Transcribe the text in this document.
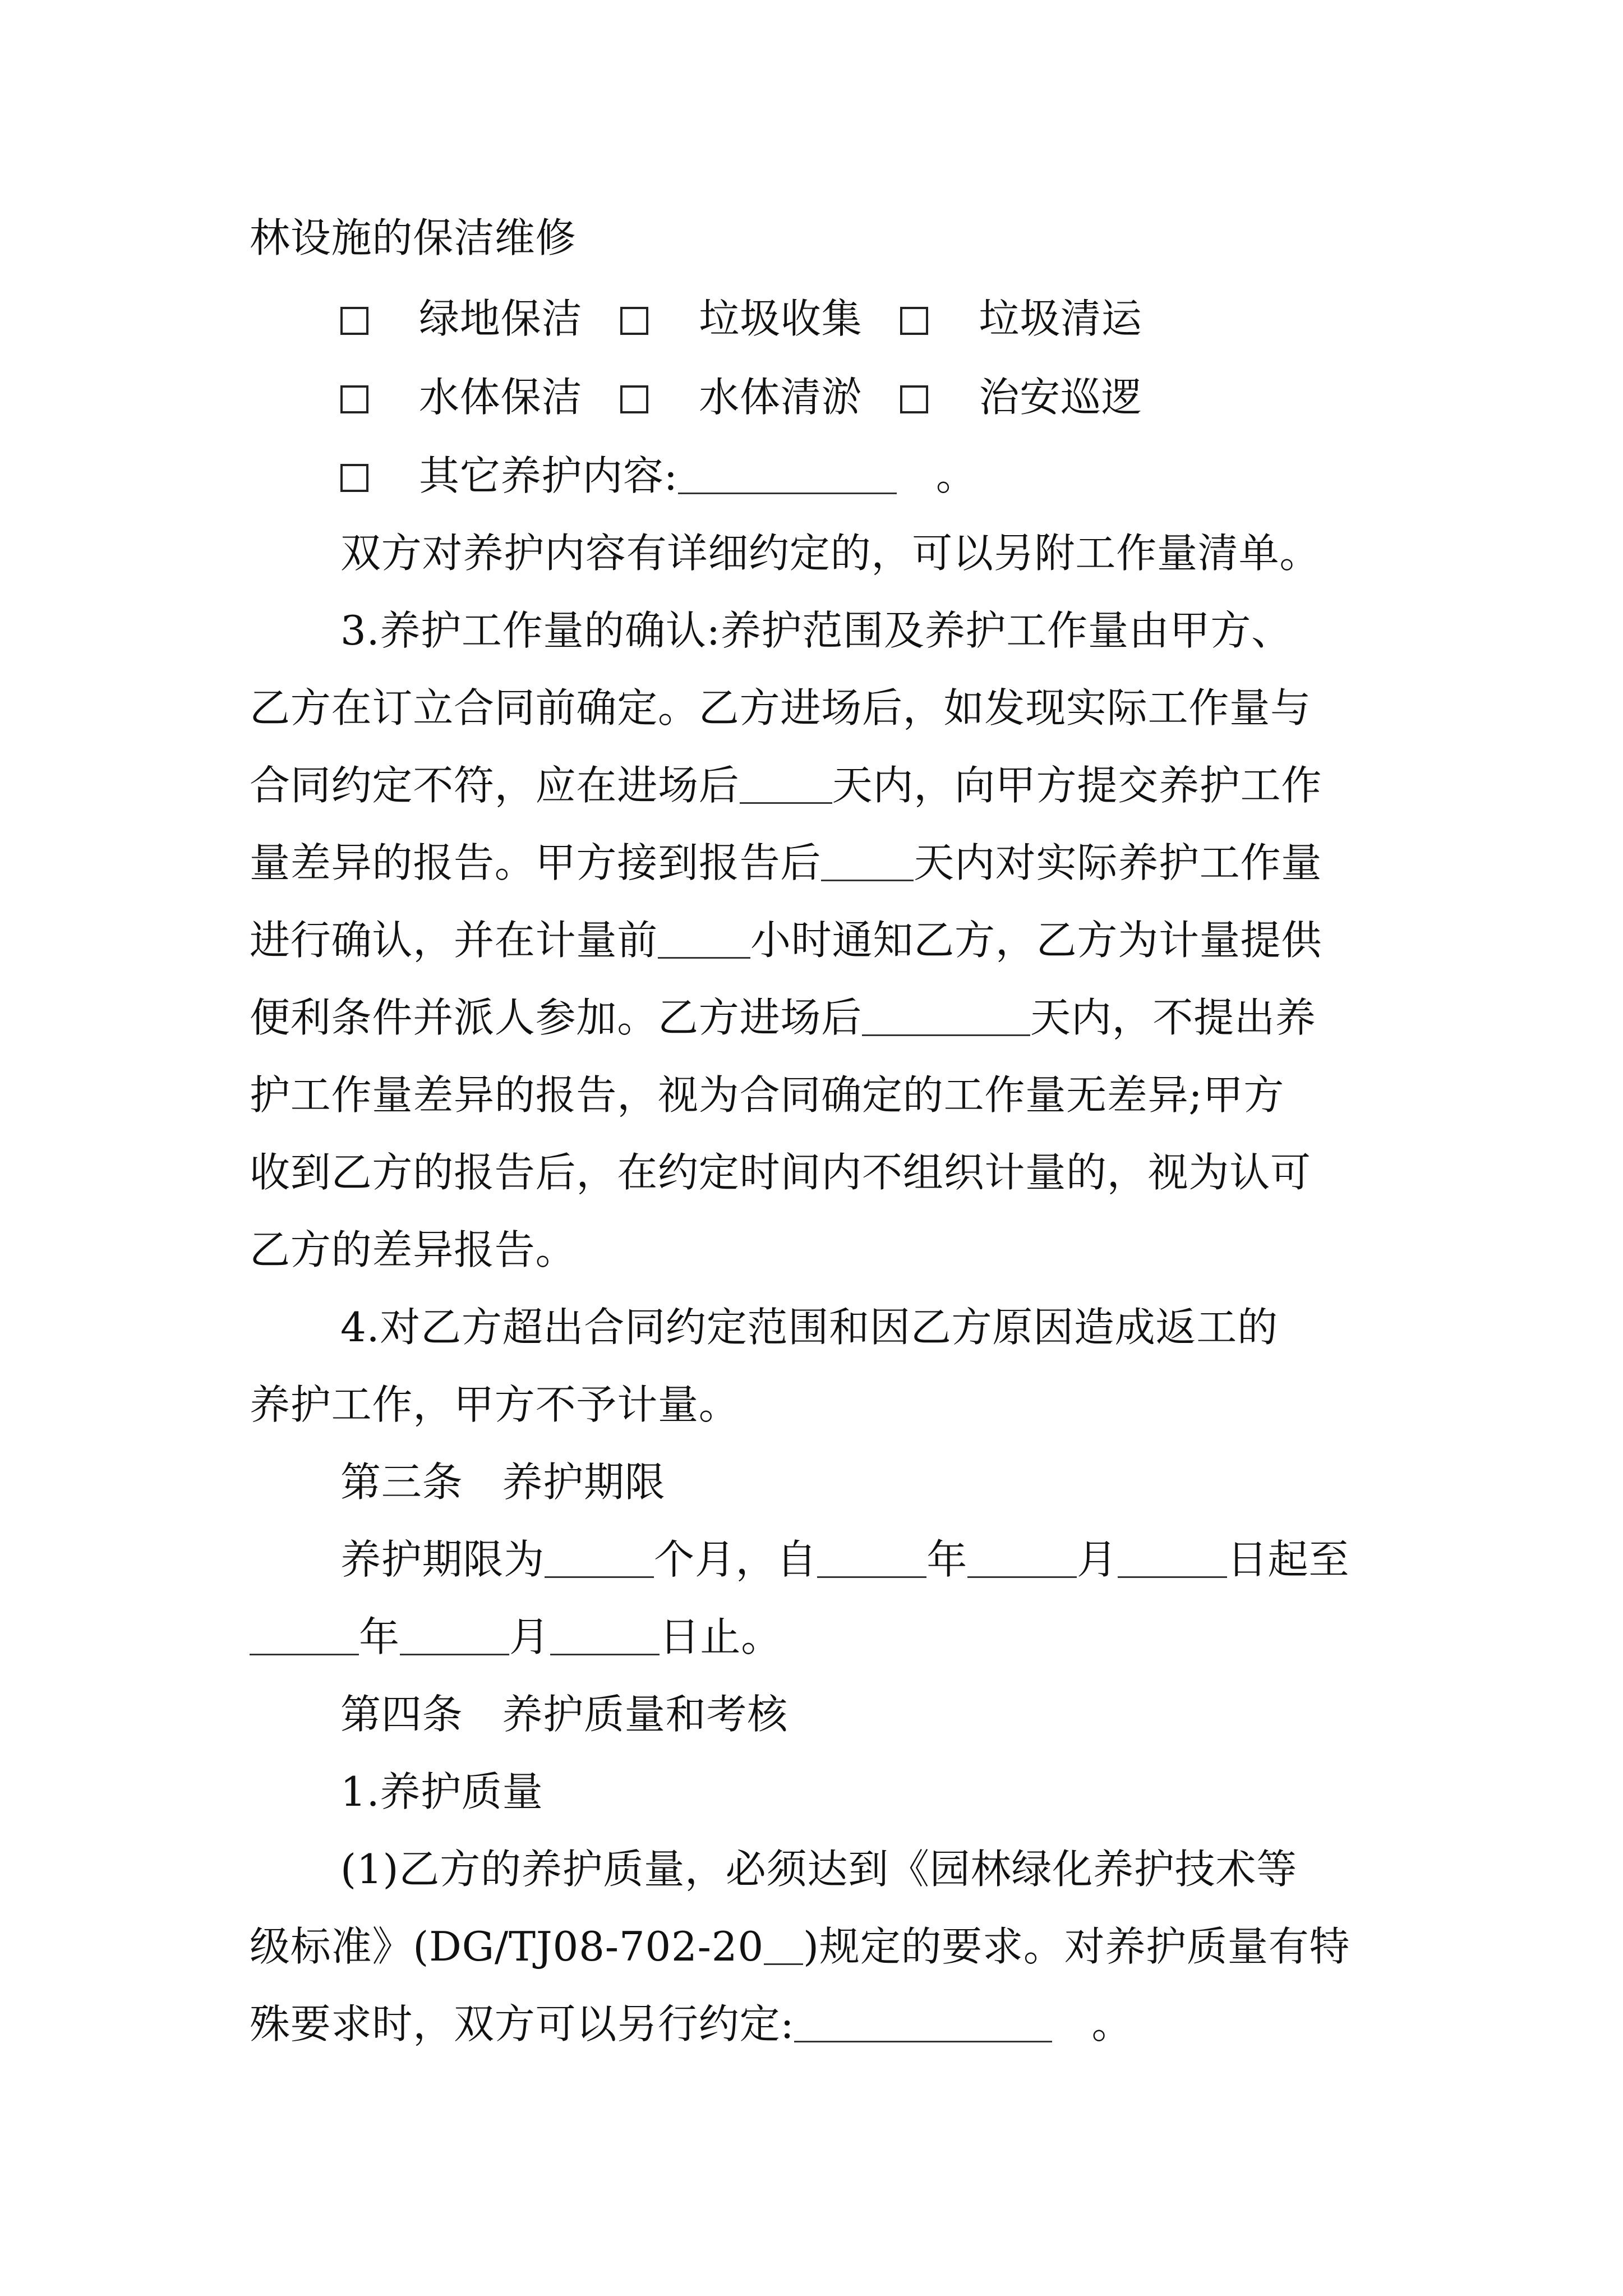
林设施的保洁维修
绿地保洁	垃圾收集	垃圾清运
水体保洁	水体清淤	治安巡逻
其它养护内容:	。
双方对养护内容有详细约定的，可以另附工作量清单。
3.养护工作量的确认:养护范围及养护工作量由甲方、
乙方在订立合同前确定。乙方进场后，如发现实际工作量与
合同约定不符，应在进场后 天内，向甲方提交养护工作
量差异的报告。甲方接到报告后 天内对实际养护工作量
进行确认，并在计量前 小时通知乙方，乙方为计量提供
便利条件并派人参加。乙方进场后	天内，不提出养
护工作量差异的报告，视为合同确定的工作量无差异;甲方
收到乙方的报告后，在约定时间内不组织计量的，视为认可
乙方的差异报告。
4.对乙方超出合同约定范围和因乙方原因造成返工的
养护工作，甲方不予计量。
第三条 养护期限
养护期限为	个月，自	年	月	日起至
年	月	日止。
第四条 养护质量和考核
1.养护质量
(1)乙方的养护质量，必须达到《园林绿化养护技术等
级标准》(DG/TJ08-702-20 )规定的要求。对养护质量有特
殊要求时，双方可以另行约定:	。
